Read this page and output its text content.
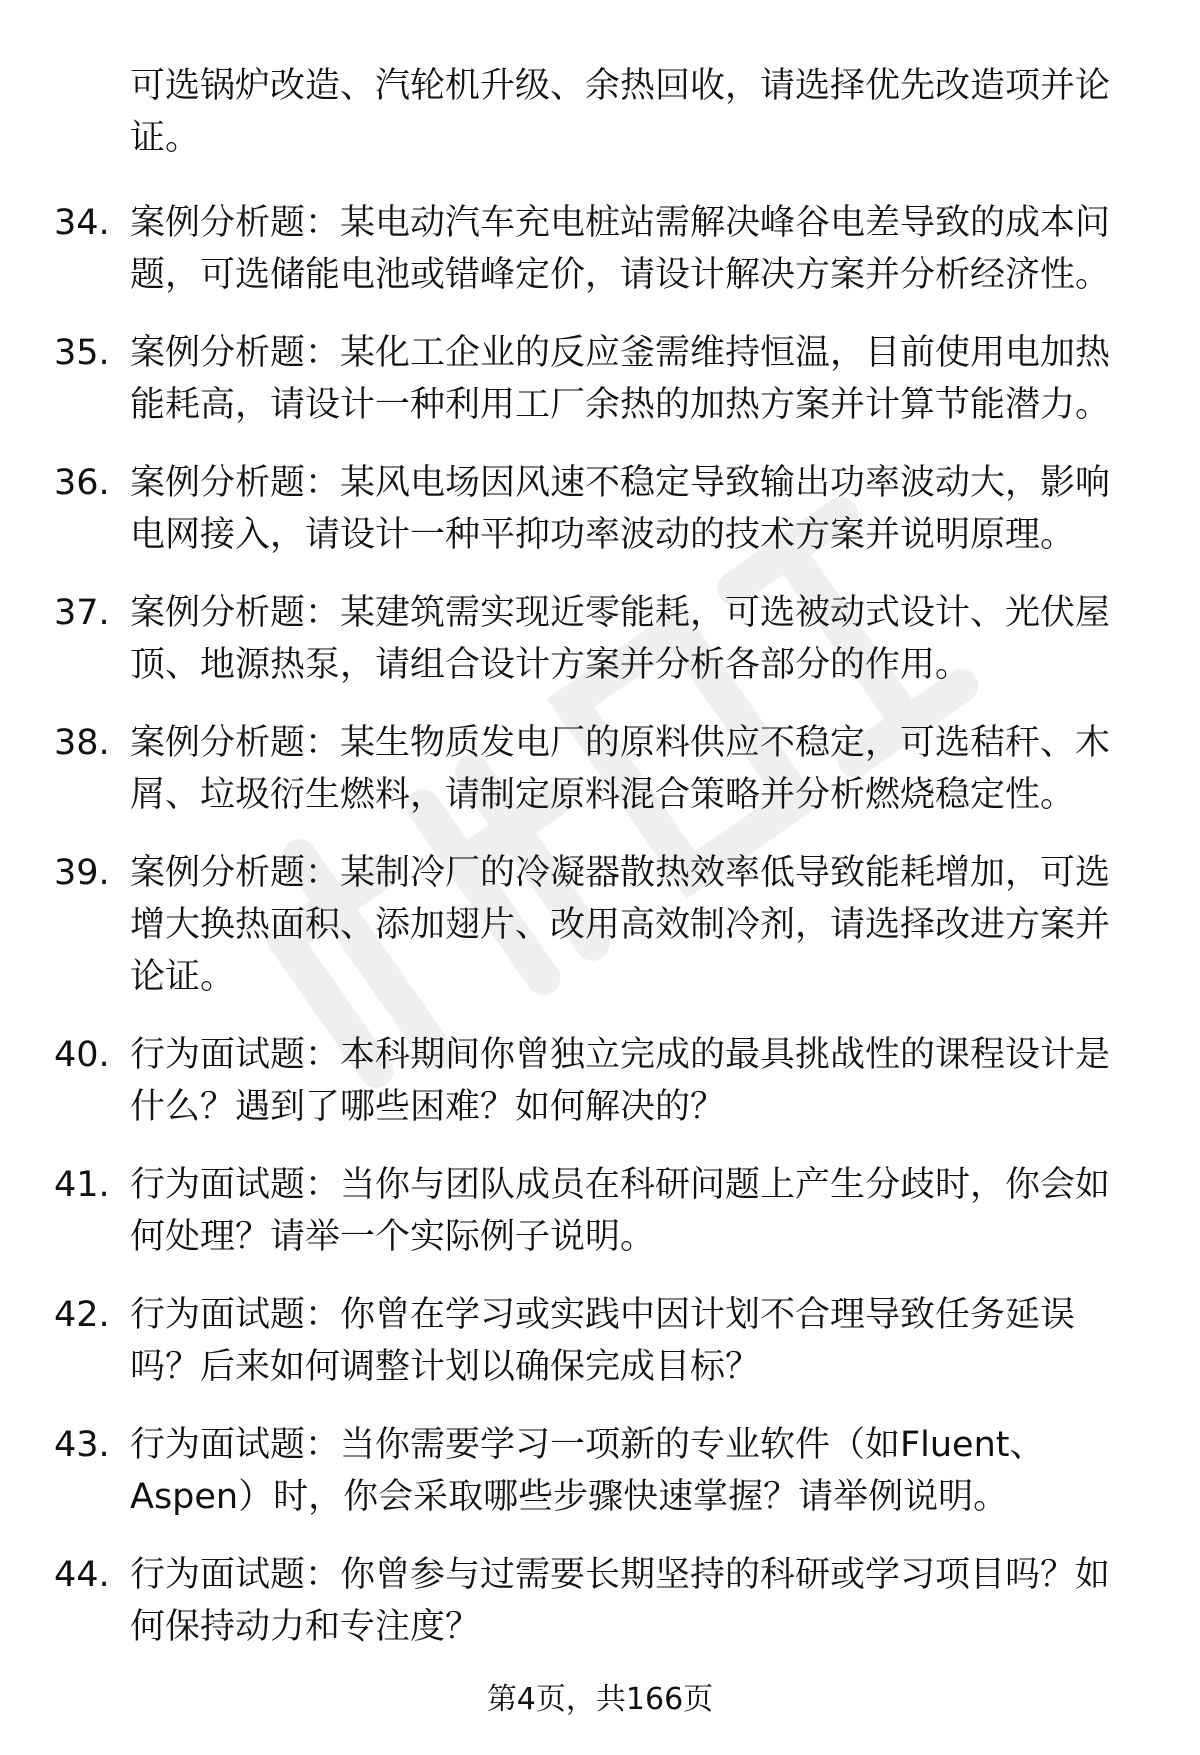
可选锅炉改造、汽轮机升级、余热回收，请选择优先改造项并论证。
34. 案例分析题：某电动汽车充电桩站需解决峰谷电差导致的成本问题，可选储能电池或错峰定价，请设计解决方案并分析经济性。
35. 案例分析题：某化工企业的反应釜需维持恒温，目前使用电加热能耗高，请设计一种利用工厂余热的加热方案并计算节能潜力。
36. 案例分析题：某风电场因风速不稳定导致输出功率波动大，影响电网接入，请设计一种平抑功率波动的技术方案并说明原理。
37. 案例分析题：某建筑需实现近零能耗，可选被动式设计、光伏屋顶、地源热泵，请组合设计方案并分析各部分的作用。
38. 案例分析题：某生物质发电厂的原料供应不稳定，可选秸秆、木屑、垃圾衍生燃料，请制定原料混合策略并分析燃烧稳定性。
39. 案例分析题：某制冷厂的冷凝器散热效率低导致能耗增加，可选增大换热面积、添加翅片、改用高效制冷剂，请选择改进方案并论证。
40. 行为面试题：本科期间你曾独立完成的最具挑战性的课程设计是什么？遇到了哪些困难？如何解决的？
41. 行为面试题：当你与团队成员在科研问题上产生分歧时，你会如何处理？请举一个实际例子说明。
42. 行为面试题：你曾在学习或实践中因计划不合理导致任务延误吗？后来如何调整计划以确保完成目标？
43. 行为面试题：当你需要学习一项新的专业软件（如Fluent、Aspen）时，你会采取哪些步骤快速掌握？请举例说明。
44. 行为面试题：你曾参与过需要长期坚持的科研或学习项目吗？如何保持动力和专注度？
第4页，共166页
